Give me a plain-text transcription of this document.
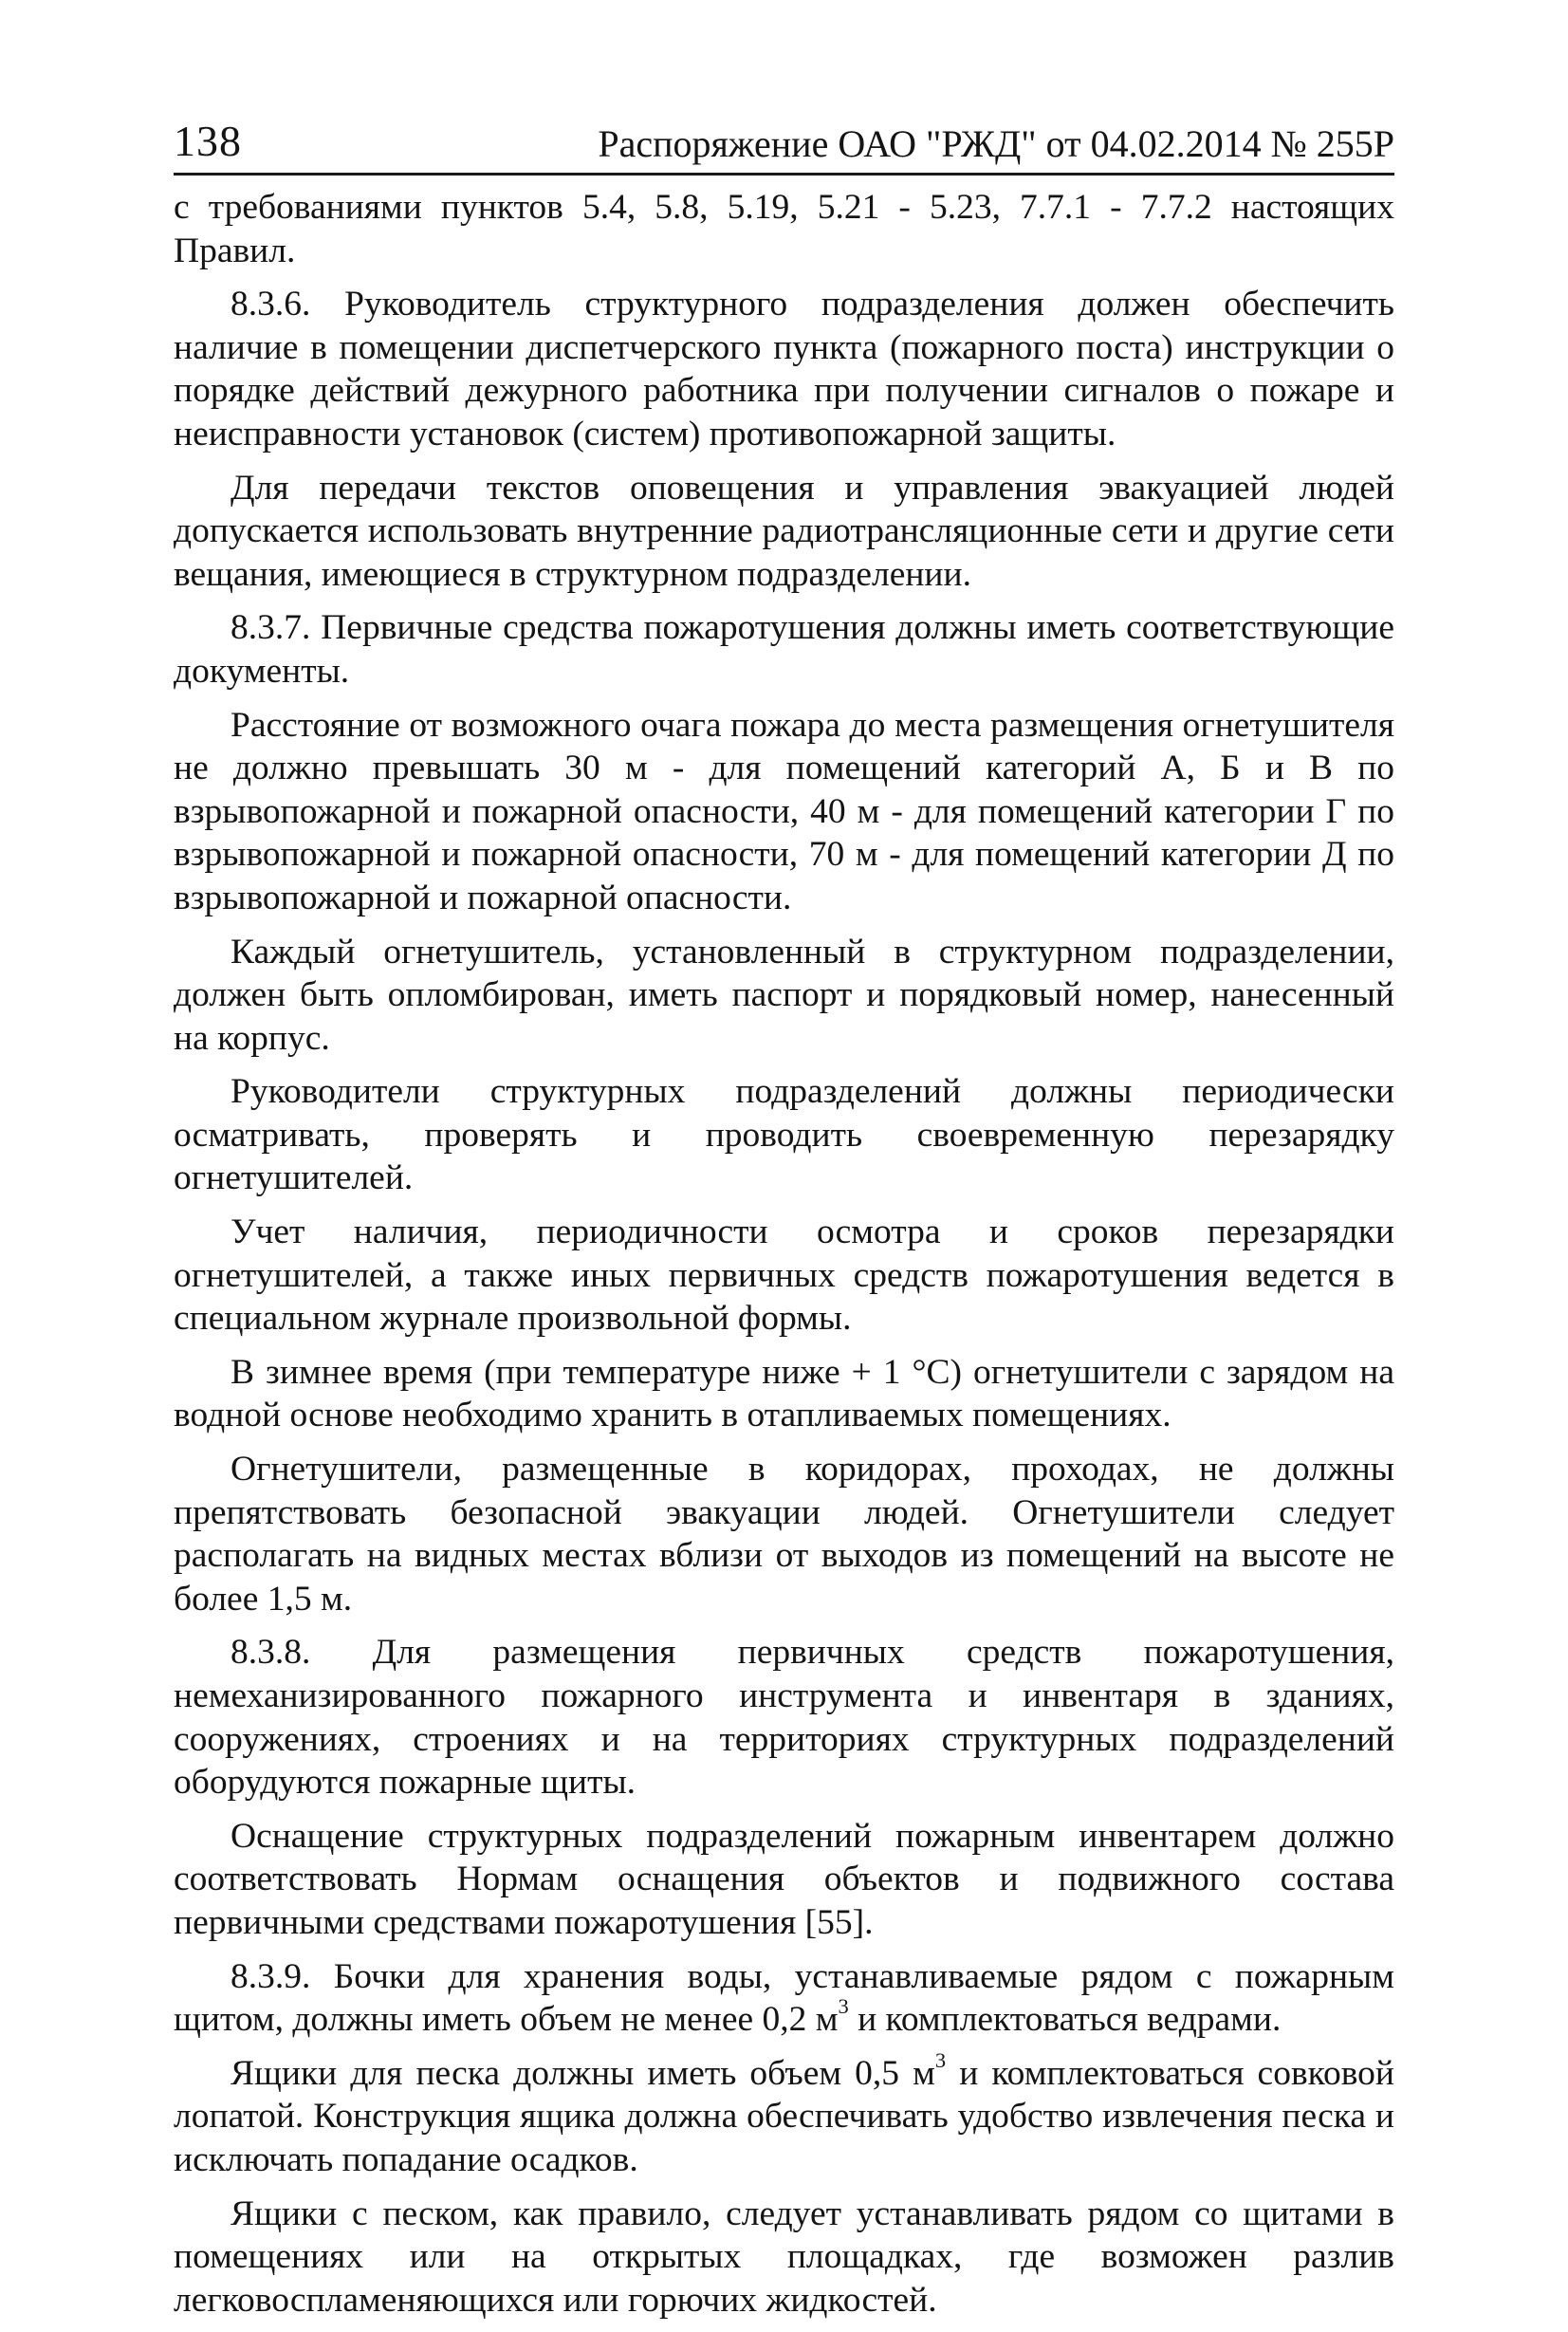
138	Распоряжение ОАО "РЖД" от 04.02.2014 № 255Р

с требованиями пунктов 5.4, 5.8, 5.19, 5.21 - 5.23, 7.7.1 - 7.7.2 настоящих Правил.

8.3.6. Руководитель структурного подразделения должен обеспечить наличие в помещении диспетчерского пункта (пожарного поста) инструкции о порядке действий дежурного работника при получении сигналов о пожаре и неисправности установок (систем) противопожарной защиты.

Для передачи текстов оповещения и управления эвакуацией людей допускается использовать внутренние радиотрансляционные сети и другие сети вещания, имеющиеся в структурном подразделении.

8.3.7. Первичные средства пожаротушения должны иметь соответствующие документы.

Расстояние от возможного очага пожара до места размещения огнетушителя не должно превышать 30 м - для помещений категорий А, Б и В по взрывопожарной и пожарной опасности, 40 м - для помещений категории Г по взрывопожарной и пожарной опасности, 70 м - для помещений категории Д по взрывопожарной и пожарной опасности.

Каждый огнетушитель, установленный в структурном подразделении, должен быть опломбирован, иметь паспорт и порядковый номер, нанесенный на корпус.

Руководители структурных подразделений должны периодически осматривать, проверять и проводить своевременную перезарядку огнетушителей.

Учет наличия, периодичности осмотра и сроков перезарядки огнетушителей, а также иных первичных средств пожаротушения ведется в специальном журнале произвольной формы.

В зимнее время (при температуре ниже + 1 °С) огнетушители с зарядом на водной основе необходимо хранить в отапливаемых помещениях.

Огнетушители, размещенные в коридорах, проходах, не должны препятствовать безопасной эвакуации людей. Огнетушители следует располагать на видных местах вблизи от выходов из помещений на высоте не более 1,5 м.

8.3.8. Для размещения первичных средств пожаротушения, немеханизированного пожарного инструмента и инвентаря в зданиях, сооружениях, строениях и на территориях структурных подразделений оборудуются пожарные щиты.

Оснащение структурных подразделений пожарным инвентарем должно соответствовать Нормам оснащения объектов и подвижного состава первичными средствами пожаротушения [55].

8.3.9. Бочки для хранения воды, устанавливаемые рядом с пожарным щитом, должны иметь объем не менее 0,2 $м^3$ и комплектоваться ведрами.

Ящики для песка должны иметь объем 0,5 $м^3$ и комплектоваться совковой лопатой. Конструкция ящика должна обеспечивать удобство извлечения песка и исключать попадание осадков.

Ящики с песком, как правило, следует устанавливать рядом со щитами в помещениях или на открытых площадках, где возможен разлив легковоспламеняющихся или горючих жидкостей.
